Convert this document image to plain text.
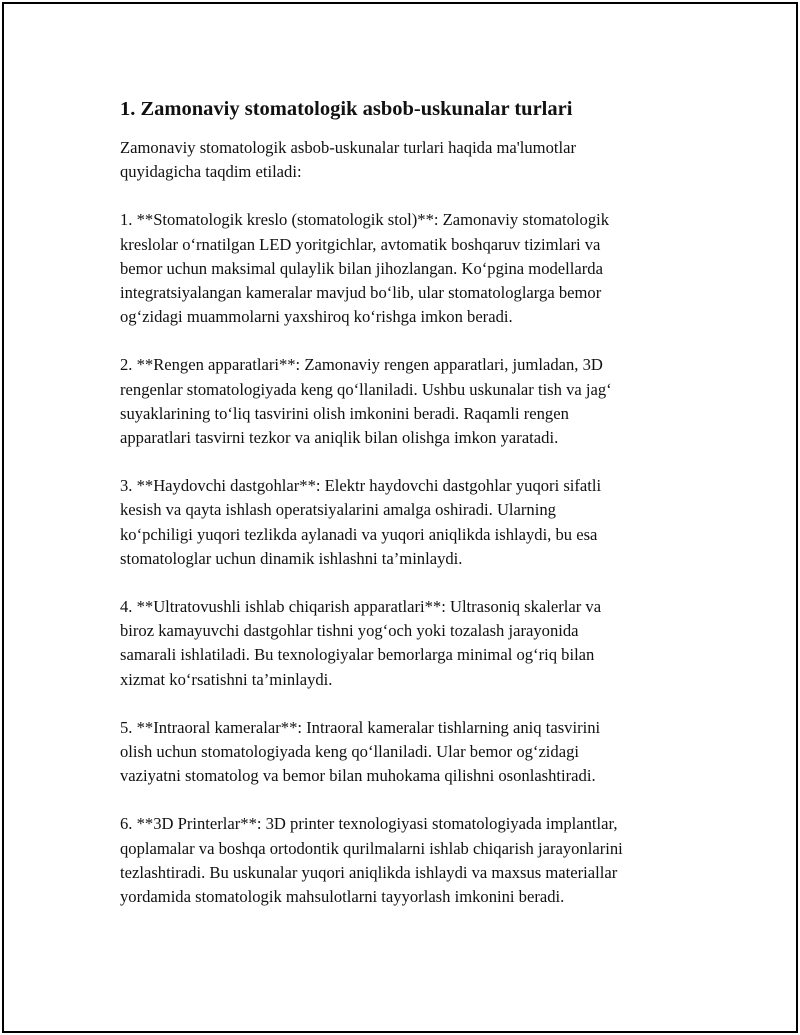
1. Zamonaviy stomatologik asbob-uskunalar turlari

Zamonaviy stomatologik asbob-uskunalar turlari haqida ma'lumotlar
quyidagicha taqdim etiladi:

1. **Stomatologik kreslo (stomatologik stol)**: Zamonaviy stomatologik
kreslolar o‘rnatilgan LED yoritgichlar, avtomatik boshqaruv tizimlari va
bemor uchun maksimal qulaylik bilan jihozlangan. Ko‘pgina modellarda
integratsiyalangan kameralar mavjud bo‘lib, ular stomatologlarga bemor
og‘zidagi muammolarni yaxshiroq ko‘rishga imkon beradi.

2. **Rengen apparatlari**: Zamonaviy rengen apparatlari, jumladan, 3D
rengenlar stomatologiyada keng qo‘llaniladi. Ushbu uskunalar tish va jag‘
suyaklarining to‘liq tasvirini olish imkonini beradi. Raqamli rengen
apparatlari tasvirni tezkor va aniqlik bilan olishga imkon yaratadi.

3. **Haydovchi dastgohlar**: Elektr haydovchi dastgohlar yuqori sifatli
kesish va qayta ishlash operatsiyalarini amalga oshiradi. Ularning
ko‘pchiligi yuqori tezlikda aylanadi va yuqori aniqlikda ishlaydi, bu esa
stomatologlar uchun dinamik ishlashni ta’minlaydi.

4. **Ultratovushli ishlab chiqarish apparatlari**: Ultrasoniq skalerlar va
biroz kamayuvchi dastgohlar tishni yog‘och yoki tozalash jarayonida
samarali ishlatiladi. Bu texnologiyalar bemorlarga minimal og‘riq bilan
xizmat ko‘rsatishni ta’minlaydi.

5. **Intraoral kameralar**: Intraoral kameralar tishlarning aniq tasvirini
olish uchun stomatologiyada keng qo‘llaniladi. Ular bemor og‘zidagi
vaziyatni stomatolog va bemor bilan muhokama qilishni osonlashtiradi.

6. **3D Printerlar**: 3D printer texnologiyasi stomatologiyada implantlar,
qoplamalar va boshqa ortodontik qurilmalarni ishlab chiqarish jarayonlarini
tezlashtiradi. Bu uskunalar yuqori aniqlikda ishlaydi va maxsus materiallar
yordamida stomatologik mahsulotlarni tayyorlash imkonini beradi.
